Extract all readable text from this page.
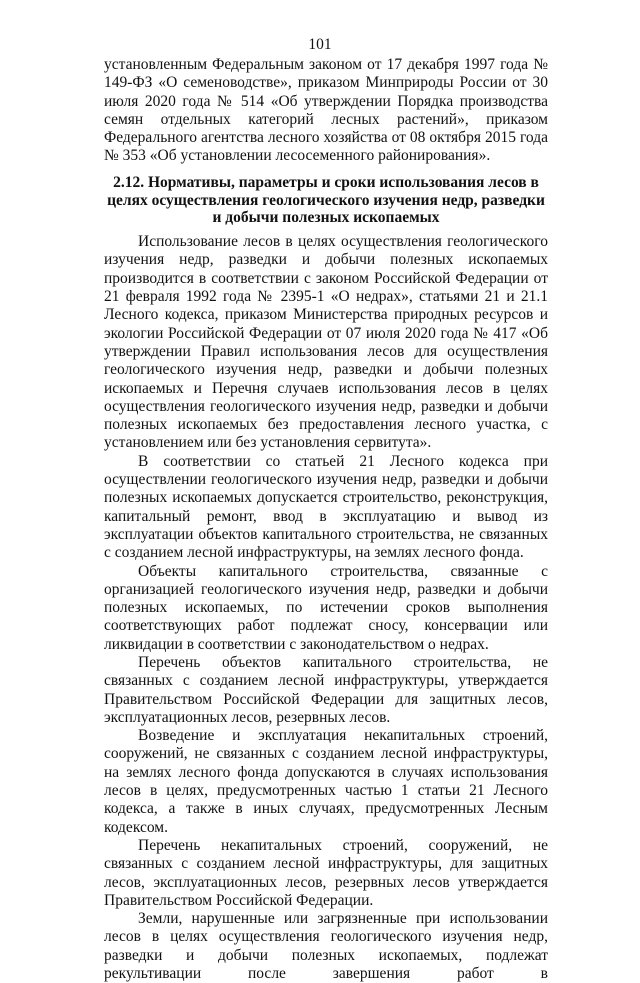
101

установленным Федеральным законом от 17 декабря 1997 года № 149-ФЗ «О семеноводстве», приказом Минприроды России от 30 июля 2020 года № 514 «Об утверждении Порядка производства семян отдельных категорий лесных растений», приказом Федерального агентства лесного хозяйства от 08 октября 2015 года № 353 «Об установлении лесосеменного районирования».

2.12. Нормативы, параметры и сроки использования лесов в целях осуществления геологического изучения недр, разведки и добычи полезных ископаемых

Использование лесов в целях осуществления геологического изучения недр, разведки и добычи полезных ископаемых производится в соответствии с законом Российской Федерации от 21 февраля 1992 года № 2395-1 «О недрах», статьями 21 и 21.1 Лесного кодекса, приказом Министерства природных ресурсов и экологии Российской Федерации от 07 июля 2020 года № 417 «Об утверждении Правил использования лесов для осуществления геологического изучения недр, разведки и добычи полезных ископаемых и Перечня случаев использования лесов в целях осуществления геологического изучения недр, разведки и добычи полезных ископаемых без предоставления лесного участка, с установлением или без установления сервитута».

В соответствии со статьей 21 Лесного кодекса при осуществлении геологического изучения недр, разведки и добычи полезных ископаемых допускается строительство, реконструкция, капитальный ремонт, ввод в эксплуатацию и вывод из эксплуатации объектов капитального строительства, не связанных с созданием лесной инфраструктуры, на землях лесного фонда.

Объекты капитального строительства, связанные с организацией геологического изучения недр, разведки и добычи полезных ископаемых, по истечении сроков выполнения соответствующих работ подлежат сносу, консервации или ликвидации в соответствии с законодательством о недрах.

Перечень объектов капитального строительства, не связанных с созданием лесной инфраструктуры, утверждается Правительством Российской Федерации для защитных лесов, эксплуатационных лесов, резервных лесов.

Возведение и эксплуатация некапитальных строений, сооружений, не связанных с созданием лесной инфраструктуры, на землях лесного фонда допускаются в случаях использования лесов в целях, предусмотренных частью 1 статьи 21 Лесного кодекса, а также в иных случаях, предусмотренных Лесным кодексом.

Перечень некапитальных строений, сооружений, не связанных с созданием лесной инфраструктуры, для защитных лесов, эксплуатационных лесов, резервных лесов утверждается Правительством Российской Федерации.

Земли, нарушенные или загрязненные при использовании лесов в целях осуществления геологического изучения недр, разведки и добычи полезных ископаемых, подлежат рекультивации после завершения работ в
